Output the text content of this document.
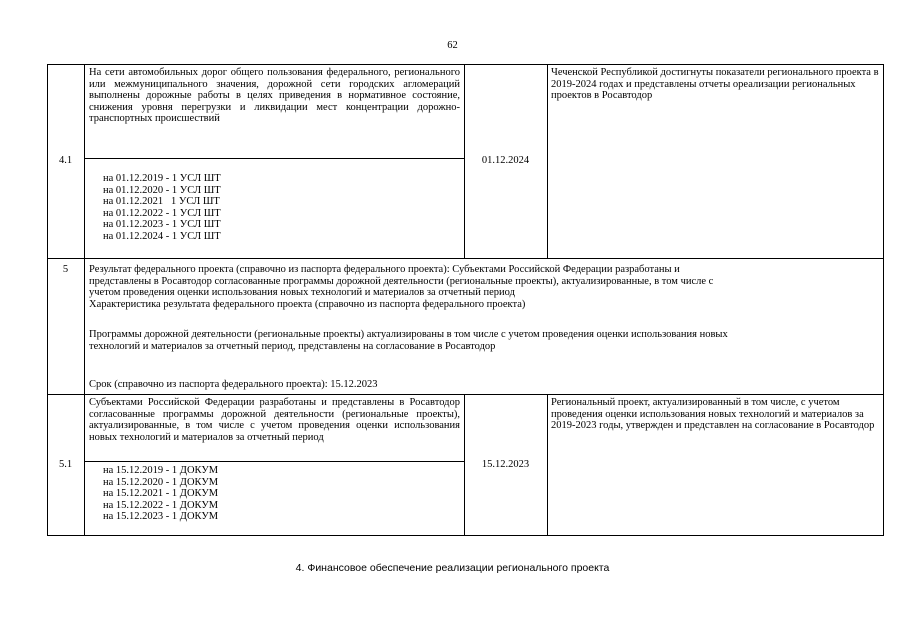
62
4.1
На сети автомобильных дорог общего пользования федерального, регионального или межмуниципального значения, дорожной сети городских агломераций выполнены дорожные работы в целях приведения в нормативное состояние, снижения уровня перегрузки и ликвидации мест концентрации дорожно-транспортных происшествий
на 01.12.2019 - 1 УСЛ ШТ
на 01.12.2020 - 1 УСЛ ШТ
на 01.12.2021   1 УСЛ ШТ
на 01.12.2022 - 1 УСЛ ШТ
на 01.12.2023 - 1 УСЛ ШТ
на 01.12.2024 - 1 УСЛ ШТ
01.12.2024
Чеченской Республикой достигнуты показатели регионального проекта в 2019-2024 годах и представлены отчеты ореализации региональных проектов в Росавтодор
5	Результат федерального проекта (справочно из паспорта федерального проекта): Субъектами Российской Федерации разработаны и
представлены в Росавтодор согласованные программы дорожной деятельности (региональные проекты), актуализированные, в том числе с
учетом проведения оценки использования новых технологий и материалов за отчетный период
Характеристика результата федерального проекта (справочно из паспорта федерального проекта)
Программы дорожной деятельности (региональные проекты) актуализированы в том числе с учетом проведения оценки использования новых
технологий и материалов за отчетный период, представлены на согласование в Росавтодор
Срок (справочно из паспорта федерального проекта): 15.12.2023
5.1
Субъектами Российской Федерации разработаны и представлены в Росавтодор согласованные программы дорожной деятельности (региональные проекты), актуализированные, в том числе с учетом проведения оценки использования новых технологий и материалов за отчетный период
на 15.12.2019 - 1 ДОКУМ
на 15.12.2020 - 1 ДОКУМ
на 15.12.2021 - 1 ДОКУМ
на 15.12.2022 - 1 ДОКУМ
на 15.12.2023 - 1 ДОКУМ
15.12.2023
Региональный проект, актуализированный в том числе, с учетом проведения оценки использования новых технологий и материалов за 2019-2023 годы, утвержден и представлен на согласование в Росавтодор
4. Финансовое обеспечение реализации регионального проекта
